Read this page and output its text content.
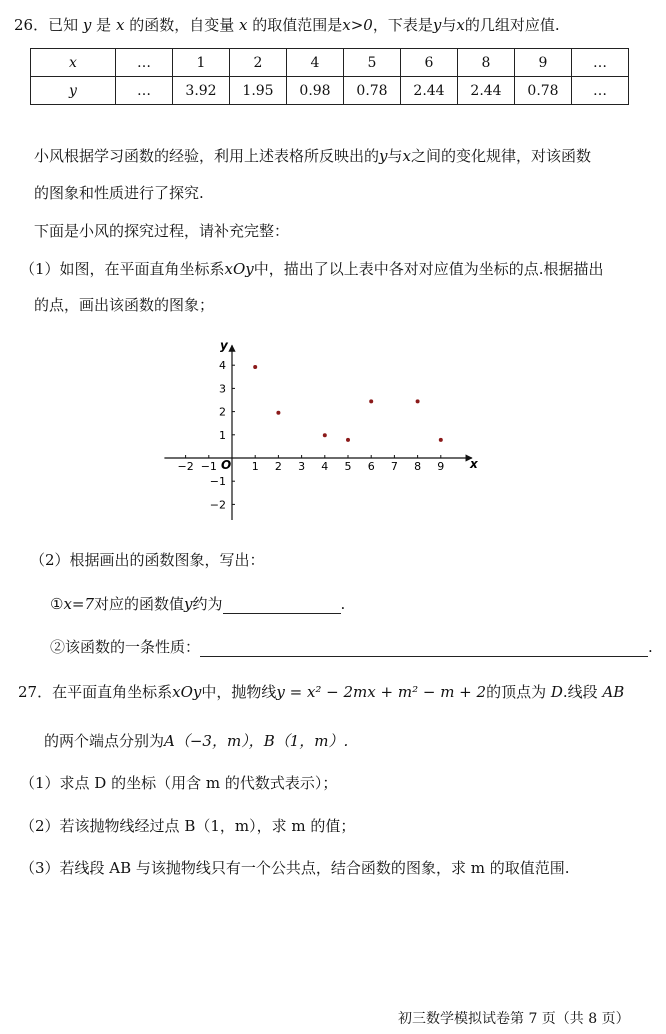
26．已知 y 是 x 的函数，自变量 x 的取值范围是x>0，下表是y与x的几组对应值.
x	…	1	2	4	5	6	8	9	…
y	…	3.92	1.95	0.98	0.78	2.44	2.44	0.78	…
小风根据学习函数的经验，利用上述表格所反映出的y与x之间的变化规律，对该函数
的图象和性质进行了探究.
下面是小风的探究过程，请补充完整：
（1）如图，在平面直角坐标系xOy中，描出了以上表中各对对应值为坐标的点.根据描出
的点，画出该函数的图象；
x
y
O
−2 −1	1 2 3 4 5 6 7 8 9
4
3
2
1
−1
−2
（2）根据画出的函数图象，写出：
①x=7对应的函数值y约为	.
②该函数的一条性质：	.
27．在平面直角坐标系xOy中，抛物线y = x² − 2mx + m² − m + 2的顶点为 D.线段 AB
的两个端点分别为A（−3，m），B（1，m）.
（1）求点 D 的坐标（用含 m 的代数式表示）；
（2）若该抛物线经过点 B（1，m），求 m 的值；
（3）若线段 AB 与该抛物线只有一个公共点，结合函数的图象，求 m 的取值范围.
初三数学模拟试卷第 7 页（共 8 页）
